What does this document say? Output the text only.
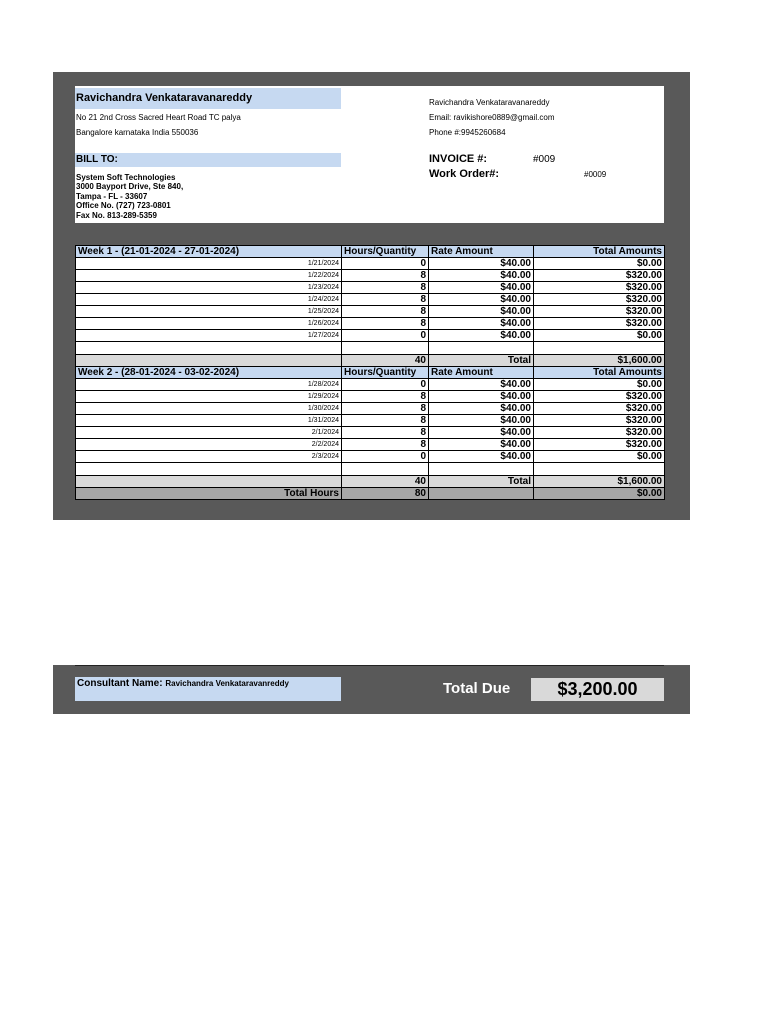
Ravichandra Venkataravanareddy
No 21 2nd Cross Sacred Heart Road TC palya
Bangalore karnataka India 550036
Ravichandra Venkataravanareddy
Email: ravikishore0889@gmail.com
Phone #:9945260684
BILL TO:
System Soft Technologies
3000 Bayport Drive, Ste 840,
Tampa - FL - 33607
Office No. (727) 723-0801
Fax No. 813-289-5359
INVOICE #:	#009
Work Order#:	#0009
Week 1 - (21-01-2024 - 27-01-2024)	Hours/Quantity	Rate Amount	Total Amounts
1/21/2024	0	$40.00	$0.00
1/22/2024	8	$40.00	$320.00
1/23/2024	8	$40.00	$320.00
1/24/2024	8	$40.00	$320.00
1/25/2024	8	$40.00	$320.00
1/26/2024	8	$40.00	$320.00
1/27/2024	0	$40.00	$0.00

	40	Total	$1,600.00
Week 2 - (28-01-2024 - 03-02-2024)	Hours/Quantity	Rate Amount	Total Amounts
1/28/2024	0	$40.00	$0.00
1/29/2024	8	$40.00	$320.00
1/30/2024	8	$40.00	$320.00
1/31/2024	8	$40.00	$320.00
2/1/2024	8	$40.00	$320.00
2/2/2024	8	$40.00	$320.00
2/3/2024	0	$40.00	$0.00

	40	Total	$1,600.00
Total Hours	80		$0.00
Consultant Name: Ravichandra Venkataravanreddy	Total Due	$3,200.00
